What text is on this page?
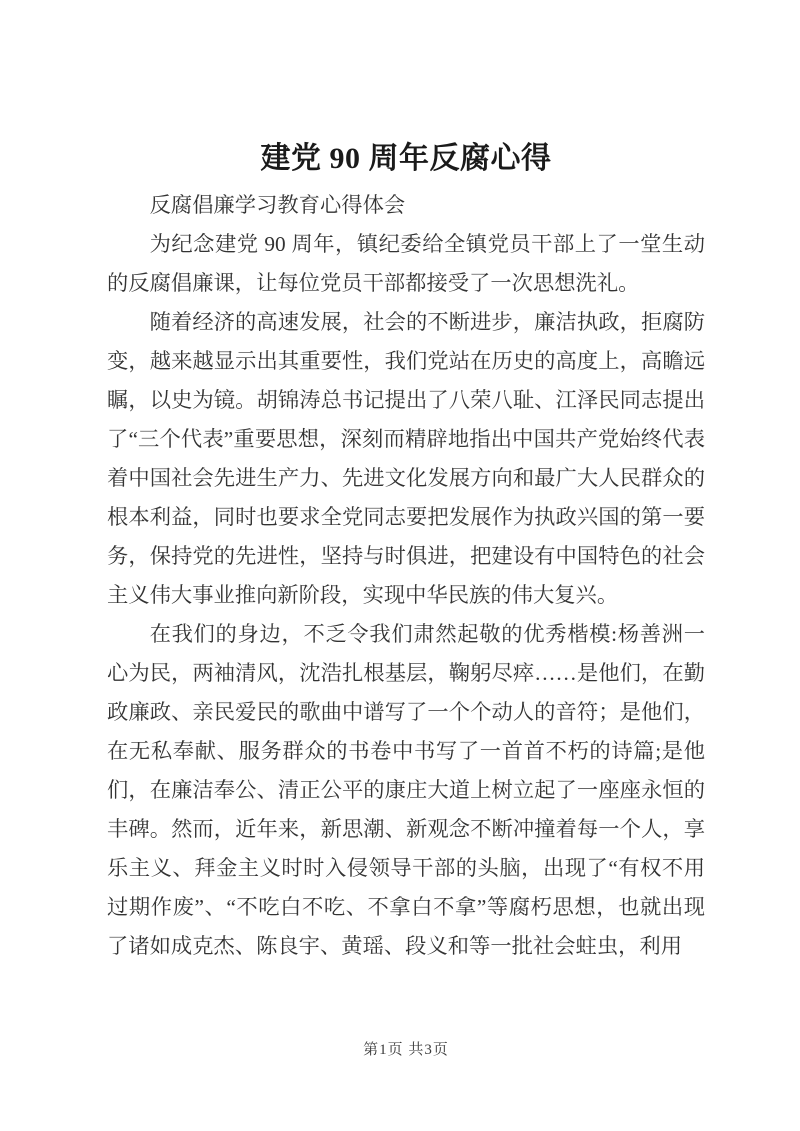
建党 90 周年反腐心得

反腐倡廉学习教育心得体会

为纪念建党 90 周年，镇纪委给全镇党员干部上了一堂生动的反腐倡廉课，让每位党员干部都接受了一次思想洗礼。

随着经济的高速发展，社会的不断进步，廉洁执政，拒腐防变，越来越显示出其重要性，我们党站在历史的高度上，高瞻远瞩，以史为镜。胡锦涛总书记提出了八荣八耻、江泽民同志提出了“三个代表”重要思想，深刻而精辟地指出中国共产党始终代表着中国社会先进生产力、先进文化发展方向和最广大人民群众的根本利益，同时也要求全党同志要把发展作为执政兴国的第一要务，保持党的先进性，坚持与时俱进，把建设有中国特色的社会主义伟大事业推向新阶段，实现中华民族的伟大复兴。

在我们的身边，不乏令我们肃然起敬的优秀楷模:杨善洲一心为民，两袖清风，沈浩扎根基层，鞠躬尽瘁……是他们，在勤政廉政、亲民爱民的歌曲中谱写了一个个动人的音符；是他们，在无私奉献、服务群众的书卷中书写了一首首不朽的诗篇;是他们，在廉洁奉公、清正公平的康庄大道上树立起了一座座永恒的丰碑。然而，近年来，新思潮、新观念不断冲撞着每一个人，享乐主义、拜金主义时时入侵领导干部的头脑，出现了“有权不用过期作废”、“不吃白不吃、不拿白不拿”等腐朽思想，也就出现了诸如成克杰、陈良宇、黄瑶、段义和等一批社会蛀虫，利用

第1页 共3页
